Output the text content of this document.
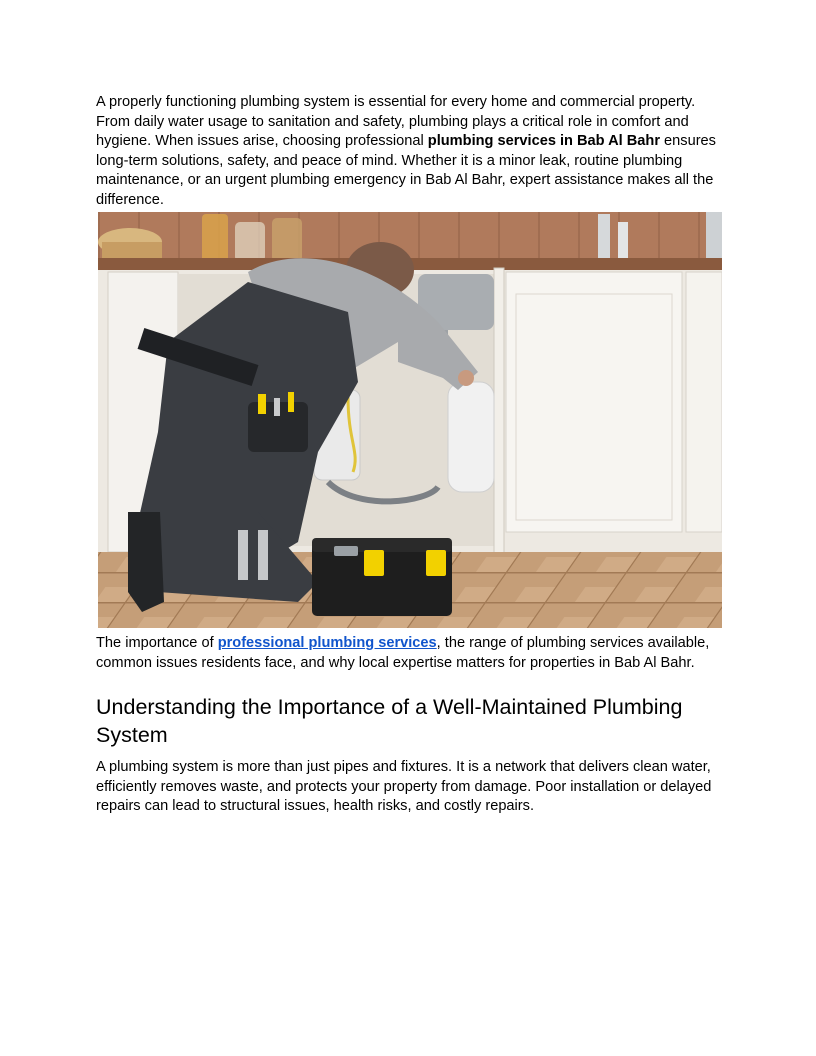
A properly functioning plumbing system is essential for every home and commercial property. From daily water usage to sanitation and safety, plumbing plays a critical role in comfort and hygiene. When issues arise, choosing professional plumbing services in Bab Al Bahr ensures long-term solutions, safety, and peace of mind. Whether it is a minor leak, routine plumbing maintenance, or an urgent plumbing emergency in Bab Al Bahr, expert assistance makes all the difference.

The importance of professional plumbing services, the range of plumbing services available, common issues residents face, and why local expertise matters for properties in Bab Al Bahr.

Understanding the Importance of a Well-Maintained Plumbing System

A plumbing system is more than just pipes and fixtures. It is a network that delivers clean water, efficiently removes waste, and protects your property from damage. Poor installation or delayed repairs can lead to structural issues, health risks, and costly repairs.
